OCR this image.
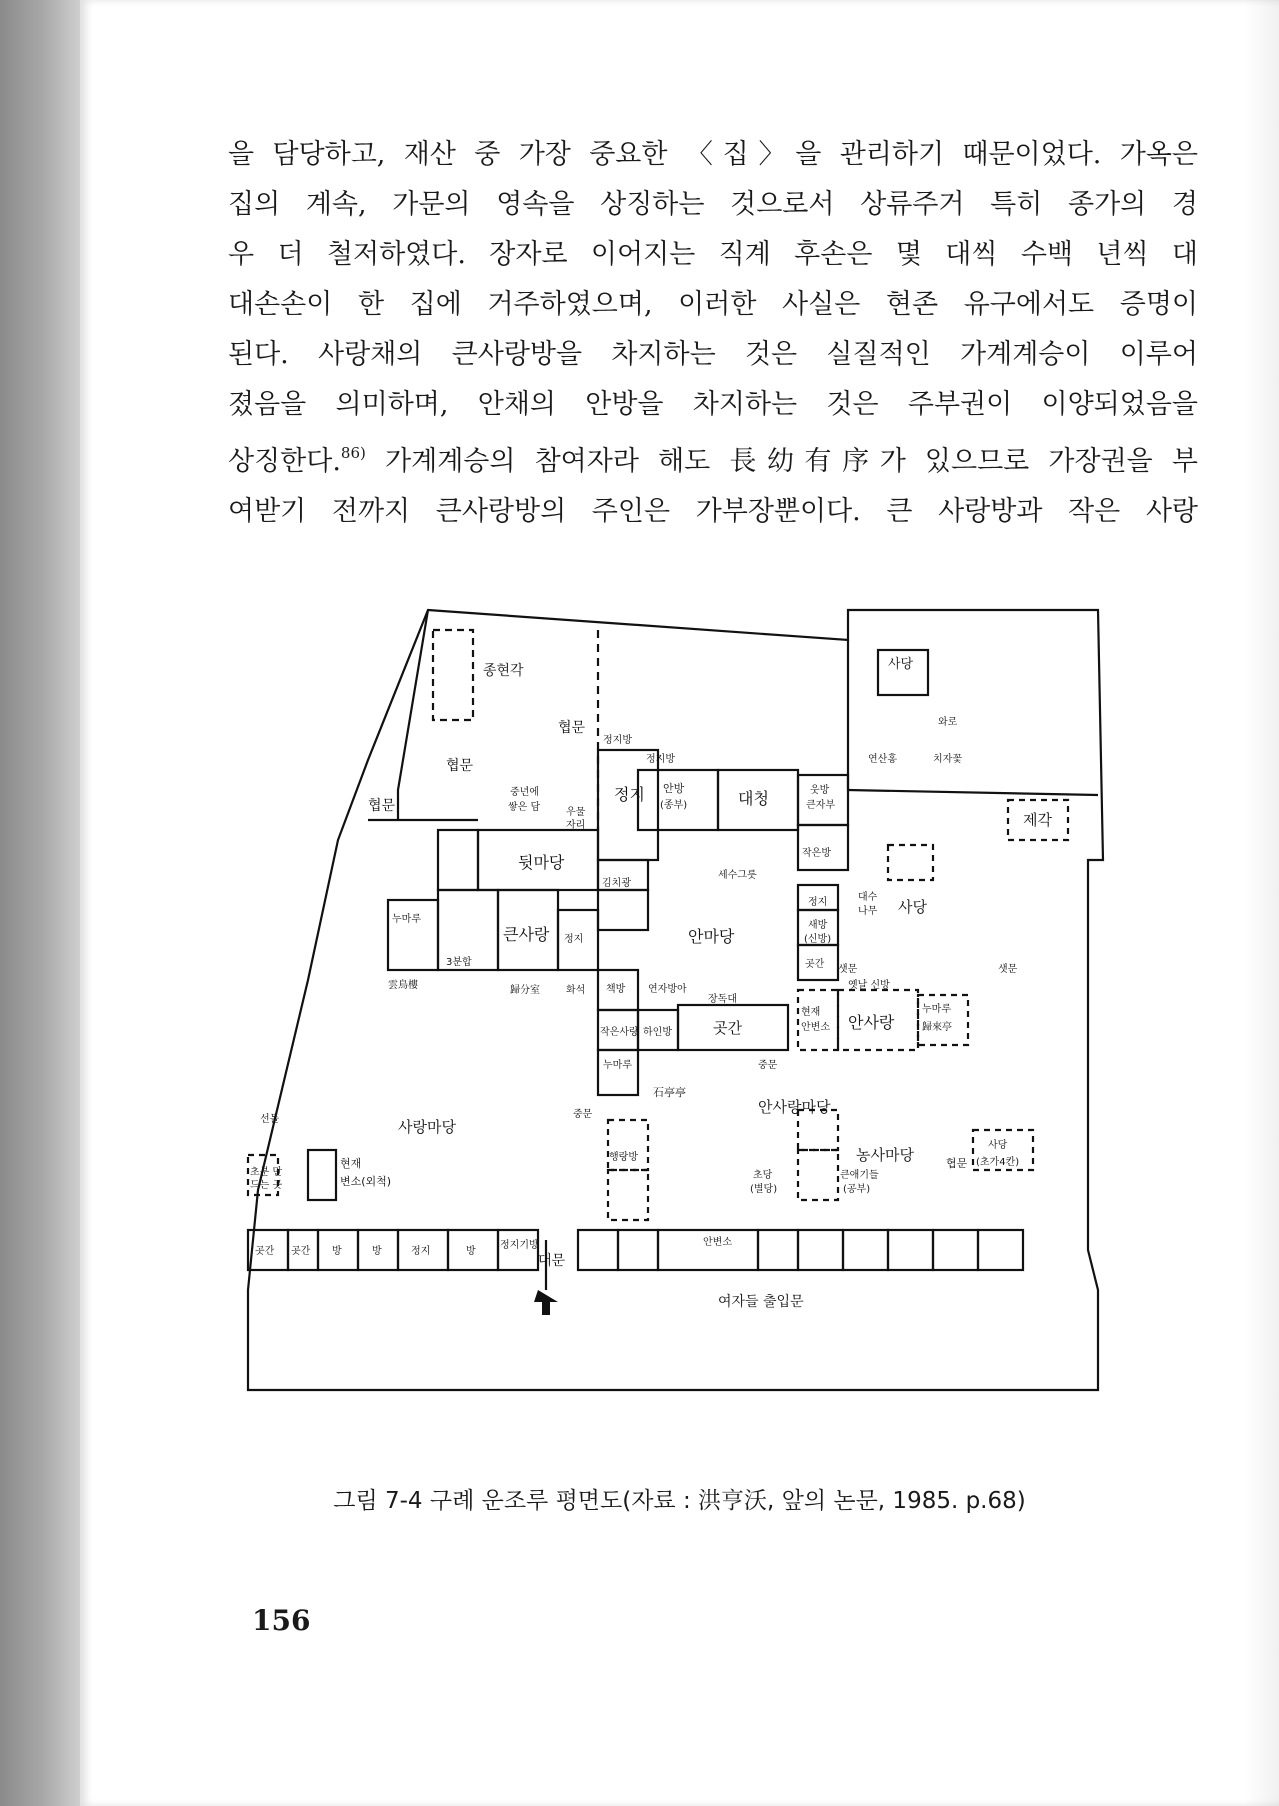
을 담당하고, 재산 중 가장 중요한 〈집〉을 관리하기 때문이었다. 가옥은
집의 계속, 가문의 영속을 상징하는 것으로서 상류주거 특히 종가의 경
우 더 철저하였다. 장자로 이어지는 직계 후손은 몇 대씩 수백 년씩 대
대손손이 한 집에 거주하였으며, 이러한 사실은 현존 유구에서도 증명이
된다. 사랑채의 큰사랑방을 차지하는 것은 실질적인 가계계승이 이루어
졌음을 의미하며, 안채의 안방을 차지하는 것은 주부권이 이양되었음을
상징한다.$^{86)}$ 가계계승의 참여자라 해도 長幼有序가 있으므로 가장권을 부
여받기 전까지 큰사랑방의 주인은 가부장뿐이다. 큰 사랑방과 작은 사랑
사당
와로
연산홍	치자꽃
제각
종현각
협문
협문
협문
협문
정지방
정지방
정지 안방
(종부)	대청	웃방
큰자부
중년에
쌓은 담	우물
자리
뒷마당	작은방
세수그릇
김치광
정지
새방
(신방)
대수
나무 사당
누마루
큰사랑 정지	안마당
곳간 샛문	샛문
3분합
雲鳥樓	歸分室	화석 책방 연자방아
장독대
옛날 신방
현재
안변소 안사랑
누마루
歸來亭
작은사랑 하인방	곳간
중문
누마루
石亭亭
선돌	사랑마당
중문	안사랑마당
행랑방	농사마당
사당
(초가4칸)
초분 만
드는 곳
현재
변소(외척)	초당
(별당)
큰애기들
(공부)
곳간 곳간 방	방	정지	방
정지기방
대문
안변소
여자들 출입문
그림 7-4 구례 운조루 평면도(자료 : 洪亨沃, 앞의 논문, 1985. p.68)
156
